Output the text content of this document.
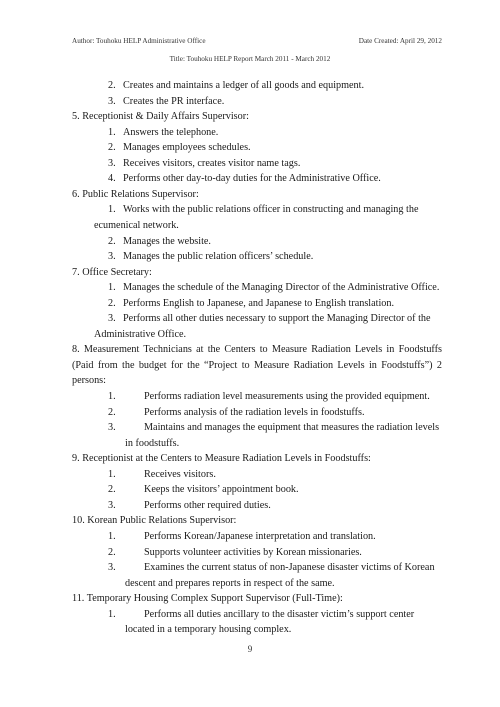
Author: Touhoku HELP Administrative Office	Date Created: April 29, 2012
Title: Touhoku HELP Report March 2011 - March 2012
2. Creates and maintains a ledger of all goods and equipment.
3. Creates the PR interface.
5. Receptionist & Daily Affairs Supervisor:
1. Answers the telephone.
2. Manages employees schedules.
3. Receives visitors, creates visitor name tags.
4. Performs other day-to-day duties for the Administrative Office.
6. Public Relations Supervisor:
1. Works with the public relations officer in constructing and managing the
ecumenical network.
2. Manages the website.
3. Manages the public relation officers’ schedule.
7. Office Secretary:
1. Manages the schedule of the Managing Director of the Administrative Office.
2. Performs English to Japanese, and Japanese to English translation.
3. Performs all other duties necessary to support the Managing Director of the
Administrative Office.
8. Measurement Technicians at the Centers to Measure Radiation Levels in Foodstuffs
(Paid from the budget for the “Project to Measure Radiation Levels in Foodstuffs”) 2
persons:
1.	Performs radiation level measurements using the provided equipment.
2.	Performs analysis of the radiation levels in foodstuffs.
3.	Maintains and manages the equipment that measures the radiation levels
in foodstuffs.
9. Receptionist at the Centers to Measure Radiation Levels in Foodstuffs:
1.	Receives visitors.
2.	Keeps the visitors’ appointment book.
3.	Performs other required duties.
10. Korean Public Relations Supervisor:
1.	Performs Korean/Japanese interpretation and translation.
2.	Supports volunteer activities by Korean missionaries.
3.	Examines the current status of non-Japanese disaster victims of Korean
descent and prepares reports in respect of the same.
11. Temporary Housing Complex Support Supervisor (Full-Time):
1.	Performs all duties ancillary to the disaster victim’s support center
located in a temporary housing complex.
9
